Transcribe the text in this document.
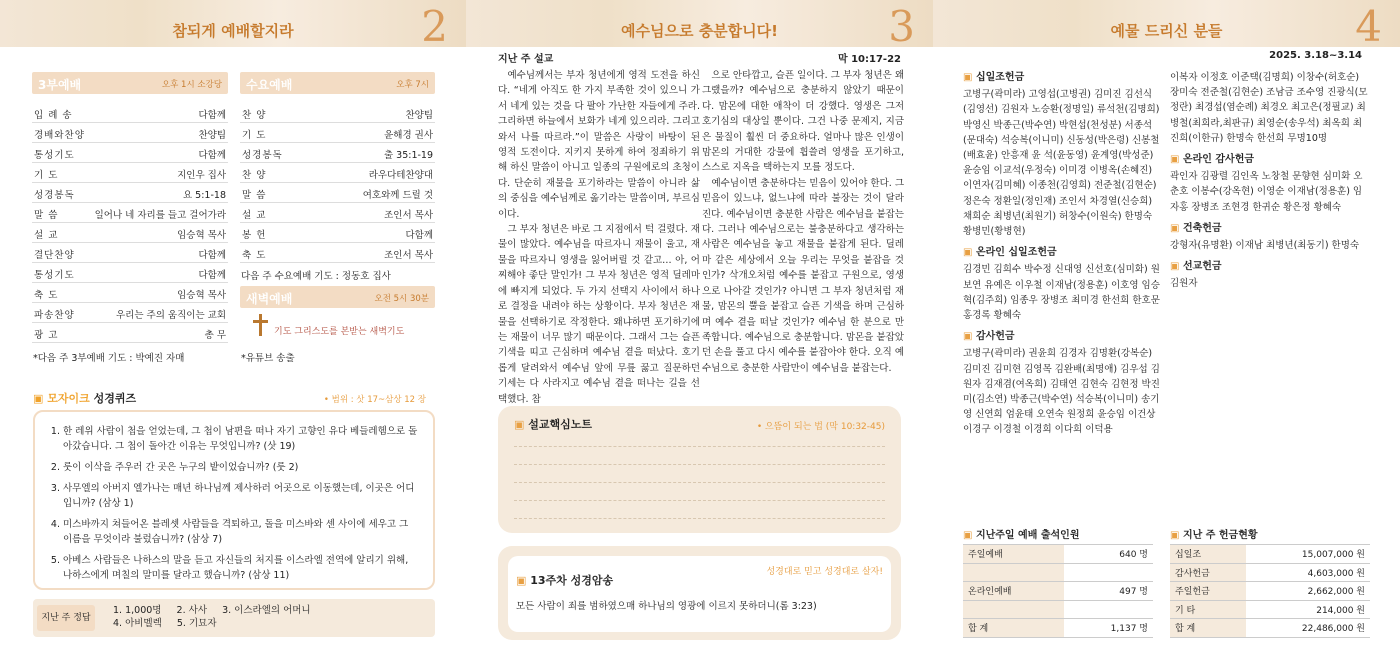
참되게 예배할지라	2
3부예배	오후 1시 소강당
입 례 송	다함께
경배와찬양	찬양팀
통성기도	다함께
기 도	지인우 집사
성경봉독	요 5:1-18
말 씀	일어나 네 자리를 들고 걸어가라
설 교	임승혁 목사
결단찬양	다함께
통성기도	다함께
축 도	임승혁 목사
파송찬양	우리는 주의 움직이는 교회
광 고	총 무
*다음 주 3부예배 기도 : 박예진 자매
수요예배	오후 7시
찬 양	찬양팀
기 도	윤해경 권사
성경봉독	출 35:1-19
찬 양	라우다테찬양대
말 씀	여호와께 드릴 것
설 교	조인서 목사
봉 헌	다함께
축 도	조인서 목사
다음 주 수요예배 기도 : 정동호 집사
새벽예배	오전 5시 30분
기도 그리스도를 본받는 새벽기도
*유튜브 송출
▣ 모자이크 성경퀴즈	• 범위 : 삿 17~삼상 12 장
1. 한 레위 사람이 첩을 얻었는데, 그 첩이 남편을 떠나 자기 고향인 유다 베들레헴으로 돌아갔습니다. 그 첩이 돌아간 이유는 무엇입니까? (삿 19)
2. 룻이 이삭을 주우러 간 곳은 누구의 밭이었습니까? (룻 2)
3. 사무엘의 아버지 엘가나는 매년 하나님께 제사하러 어곳으로 이동했는데, 이곳은 어디입니까? (삼상 1)
4. 미스바까지 쳐들어온 블레셋 사람들을 격퇴하고, 돌을 미스바와 센 사이에 세우고 그 이름을 무엇이라 불렀습니까? (삼상 7)
5. 아베스 사람들은 나하스의 말을 듣고 자신들의 처지를 이스라엘 전역에 알리기 위해, 나하스에게 며칠의 말미를 달라고 했습니까? (삼상 11)
지난 주 정답
1. 1,000명     2. 사사     3. 이스라엘의 어머니
4. 아비멜렉     5. 기묘자
예수님으로 충분합니다!	3
지난 주 설교	막 10:17-22

예수님께서는 부자 청년에게 영적 도전을 하신다. “네게 아직도 한 가지 부족한 것이 있으니 가서 네게 있는 것을 다 팔아 가난한 자들에게 주라. 그리하면 하늘에서 보화가 네게 있으리라. 그리고 와서 나를 따르라.”이 말씀은 사랑이 바탕이 된 영적 도전이다. 지키지 못하게 하여 정죄하기 위해 하신 말씀이 아니고 일종의 구원에로의 초청이다. 단순히 재물을 포기하라는 말씀이 아니라 삶의 중심을 예수님께로 옮기라는 말씀이며, 부르심이다.

그 부자 청년은 바로 그 지점에서 턱 걸렸다. 재물이 많았다. 예수님을 따르자니 재물이 울고, 재물을 따르자니 영생을 잃어버릴 것 같고… 아, 어찌해야 좋단 말인가! 그 부자 청년은 영적 딜레마에 빠지게 되었다. 두 가지 선택지 사이에서 하나로 결정을 내려야 하는 상황이다. 부자 청년은 재물을 선택하기로 작정한다. 왜냐하면 포기하기에는 재물이 너무 많기 때문이다. 그래서 그는 슬픈 기색을 띠고 근심하며 예수님 곁을 떠났다. 호기롭게 달려와서 예수님 앞에 무릎 꿇고 질문하던 기세는 다 사라지고 예수님 곁을 떠나는 길을 선택했다. 참

으로 안타깝고, 슬픈 일이다. 그 부자 청년은 왜 그랬을까? 예수님으로 충분하지 않았기 때문이다. 맘몬에 대한 애착이 더 강했다. 영생은 그저 호기심의 대상일 뿐이다. 그건 나중 문제지, 지금은 물질이 훨씬 더 중요하다. 얼마나 많은 인생이 맘몬의 거대한 강물에 휩쓸려 영생을 포기하고, 스스로 지옥을 택하는지 모를 정도다.

예수님이면 충분하다는 믿음이 있어야 한다. 그 믿음이 있느냐, 없느냐에 따라 불장는 것이 달라진다. 예수님이면 충분한 사람은 예수님을 붙잡는다. 그러나 예수님으로는 불충분하다고 생각하는 사람은 예수님을 놓고 재물을 붙잡게 된다. 딜레마 같은 세상에서 오늘 우리는 무엇을 붙잡을 것인가? 삭개오처럼 예수를 붙잡고 구원으로, 영생으로 나아갈 것인가? 아니면 그 부자 청년처럼 재물, 맘몬의 뿔을 붙잡고 슬픈 기색을 하며 근심하며 예수 곁을 떠날 것인가? 예수님 한 분으로 만족합니다. 예수님으로 충분합니다. 맘몬을 붙잡았던 손을 풀고 다시 예수를 붙잡아야 한다. 오직 예수님으로 충분한 사람만이 예수님을 붙잡는다.

▣ 설교핵심노트	• 으뜸이 되는 법 (막 10:32-45)
▣ 13주차 성경암송
성경대로 믿고 성경대로 살자!
모든 사람이 죄를 범하였으매 하나님의 영광에 이르지 못하더니(롬 3:23)
예물 드리신 분들	4
2025. 3.18~3.14
▣ 십일조헌금
고병구(곽미라) 고영섭(고병권) 김미진 김선식(김영선) 김원자 노승환(정명일) 류석천(김명희) 박영신 박종근(박수연) 박현섭(천성분) 서종석(문대숙) 석승복(이니미) 신동성(박은령) 신봉철(배효윤) 안흥재 윤 석(윤동영) 윤계영(박성준) 윤승임 이교석(우정숙) 이미경 이병옥(손혜진) 이연자(김미혜) 이종천(김영희) 전준철(김현순) 정은숙 정환일(정인재) 조인서 차경열(신승희) 채희순 최병년(최원기) 허창수(이원숙) 한명숙 황병민(황병현)
▣ 온라인 십일조헌금
김경민 김희수 박수정 신대영 신선호(심미화) 원보연 유예은 이우철 이재남(정용훈) 이호영 임승혁(김주희) 임종우 장병조 최미경 한선희 한호문 홍경록 황혜숙
▣ 감사헌금
고병구(곽미라) 권윤희 김경자 김명환(강복순) 김미진 김미현 김영목 김완배(최명애) 김우섭 김원자 김재겸(여옥희) 김태연 김현숙 김현정 박진미(김소연) 박종근(박수연) 석승복(이니미) 송기영 신연희 엄윤태 오연숙 원정희 윤승임 이건상 이경구 이경철 이경희 이다희 이덕용
이복자 이정호 이준택(김명희) 이창수(허호순) 장미숙 전준철(김현순) 조남금 조수영 진광식(모정란) 최경섭(염순례) 최경오 최고은(정필교) 최병철(최희라,최판규) 최영순(송우석) 최옥희 최진희(이한규) 한명숙 한선희 무명10명
▣ 온라인 감사헌금
곽인자 김광렬 김인옥 노창철 문향현 심미화 오춘호 이봉수(강옥현) 이영순 이재남(정용훈) 임자홍 장병조 조현경 한귀순 황은정 황혜숙
▣ 건축헌금
강형자(유명환) 이재남 최병년(최동기) 한명숙
▣ 선교헌금
김원자
▣ 지난주일 예배 출석인원
주일예배	640 명

온라인예배	497 명

합 계	1,137 명
▣ 지난 주 헌금현황
십일조	15,007,000 원
감사헌금	4,603,000 원
주일헌금	2,662,000 원
기 타	214,000 원
합 계	22,486,000 원
